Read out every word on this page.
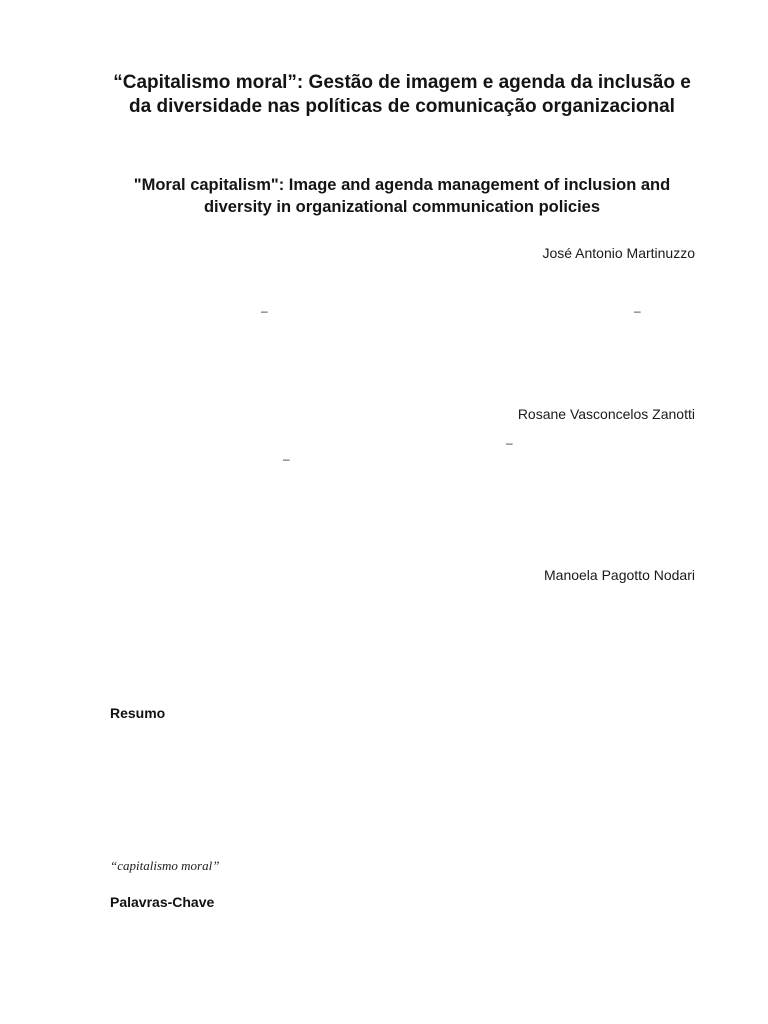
“Capitalismo moral”: Gestão de imagem e agenda da inclusão e da diversidade nas políticas de comunicação organizacional
"Moral capitalism": Image and agenda management of inclusion and diversity in organizational communication policies
José Antonio Martinuzzo
–	–
Rosane Vasconcelos Zanotti
–
–
Manoela Pagotto Nodari
Resumo
“capitalismo moral”
Palavras-Chave
